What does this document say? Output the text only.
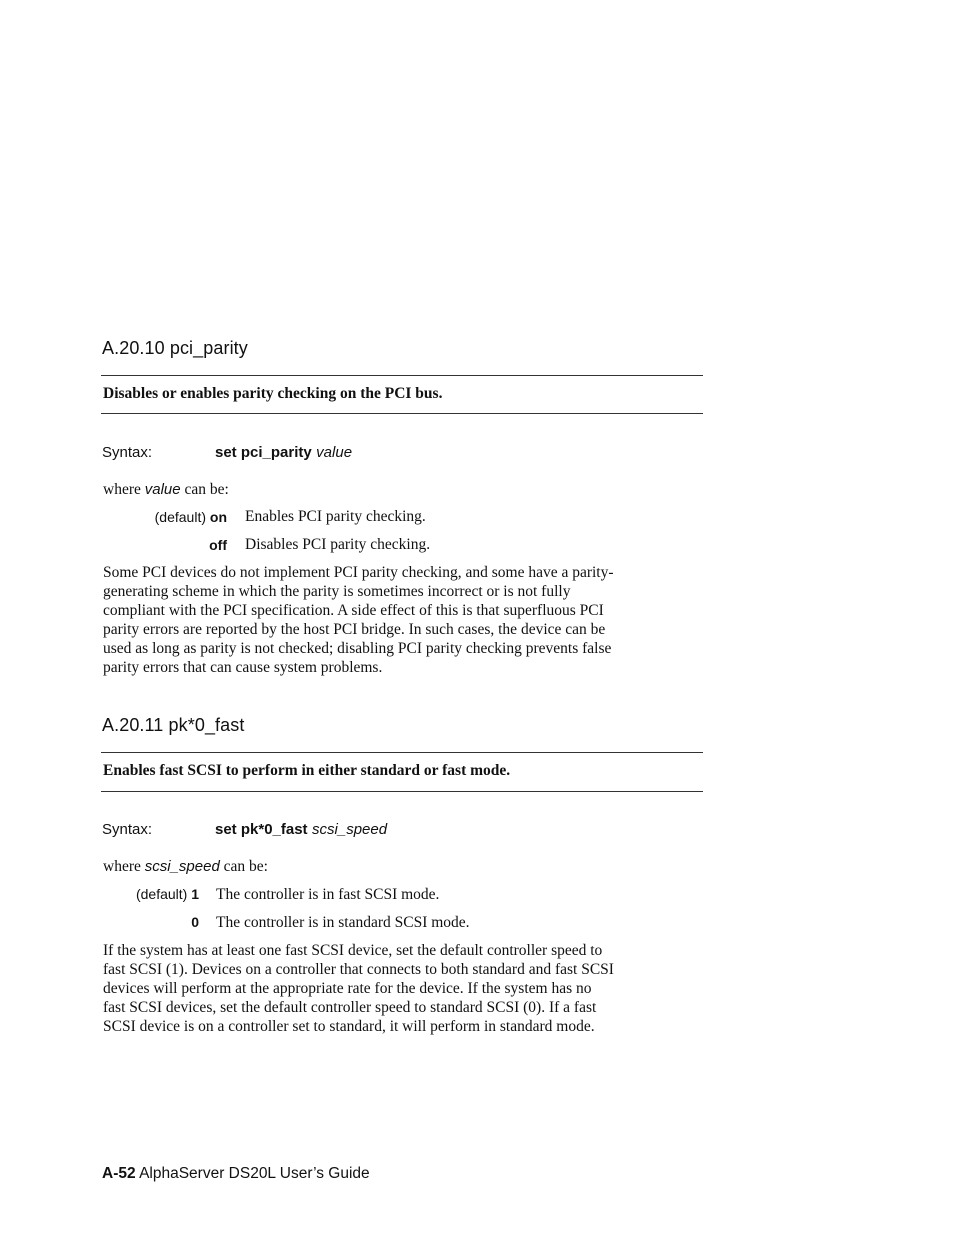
A.20.10 pci_parity
Disables or enables parity checking on the PCI bus.
Syntax:	set pci_parity value
where value can be:
(default) on Enables PCI parity checking.
off Disables PCI parity checking.

Some PCI devices do not implement PCI parity checking, and some have a parity-

generating scheme in which the parity is sometimes incorrect or is not fully

compliant with the PCI specification. A side effect of this is that superfluous PCI

parity errors are reported by the host PCI bridge. In such cases, the device can be

used as long as parity is not checked; disabling PCI parity checking prevents false

parity errors that can cause system problems.

A.20.11 pk*0_fast
Enables fast SCSI to perform in either standard or fast mode.
Syntax:	set pk*0_fast scsi_speed
where scsi_speed can be:
(default) 1 The controller is in fast SCSI mode.
0 The controller is in standard SCSI mode.

If the system has at least one fast SCSI device, set the default controller speed to

fast SCSI (1). Devices on a controller that connects to both standard and fast SCSI

devices will perform at the appropriate rate for the device. If the system has no

fast SCSI devices, set the default controller speed to standard SCSI (0). If a fast

SCSI device is on a controller set to standard, it will perform in standard mode.

A-52 AlphaServer DS20L User’s Guide
